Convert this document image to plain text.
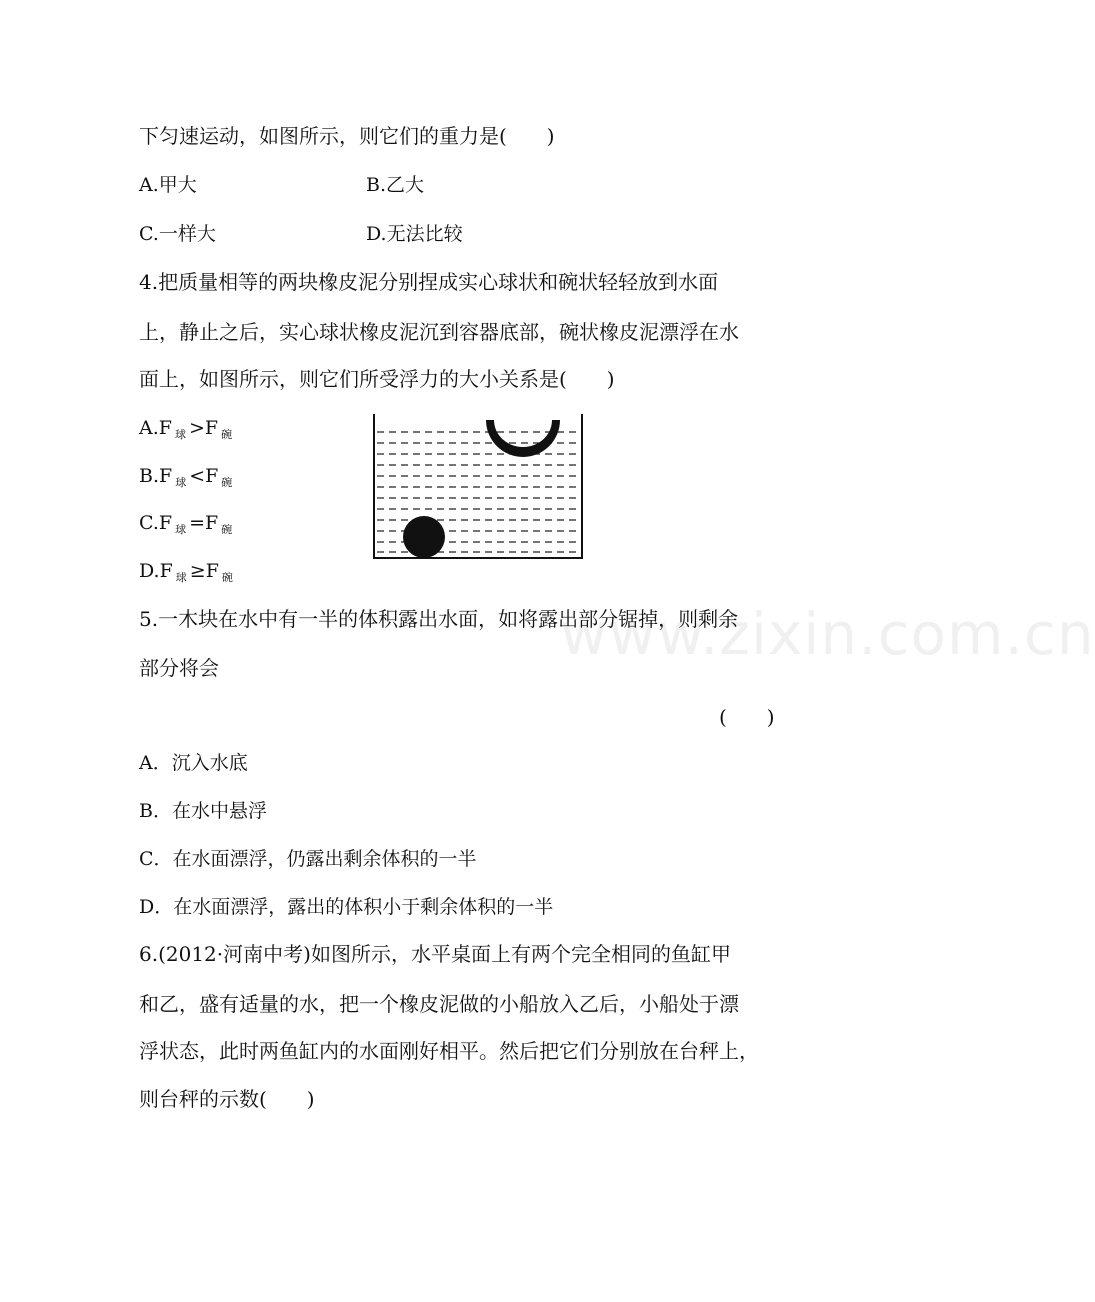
www.zixin.com.cn
下匀速运动，如图所示，则它们的重力是(　　)
A.甲大	B.乙大
C.一样大	D.无法比较
4.把质量相等的两块橡皮泥分别捏成实心球状和碗状轻轻放到水面
上，静止之后，实心球状橡皮泥沉到容器底部，碗状橡皮泥漂浮在水
面上，如图所示，则它们所受浮力的大小关系是(　　)
A.F $_球$ >F $_碗$
B.F $_球$ <F $_碗$
C.F $_球$ =F $_碗$
D.F $_球$ ≥F $_碗$
5.一木块在水中有一半的体积露出水面，如将露出部分锯掉，则剩余
部分将会
(　　)
A．沉入水底
B．在水中悬浮
C．在水面漂浮，仍露出剩余体积的一半
D．在水面漂浮，露出的体积小于剩余体积的一半
6.(2012·河南中考)如图所示，水平桌面上有两个完全相同的鱼缸甲
和乙，盛有适量的水，把一个橡皮泥做的小船放入乙后，小船处于漂
浮状态，此时两鱼缸内的水面刚好相平。然后把它们分别放在台秤上，
则台秤的示数(　　)
